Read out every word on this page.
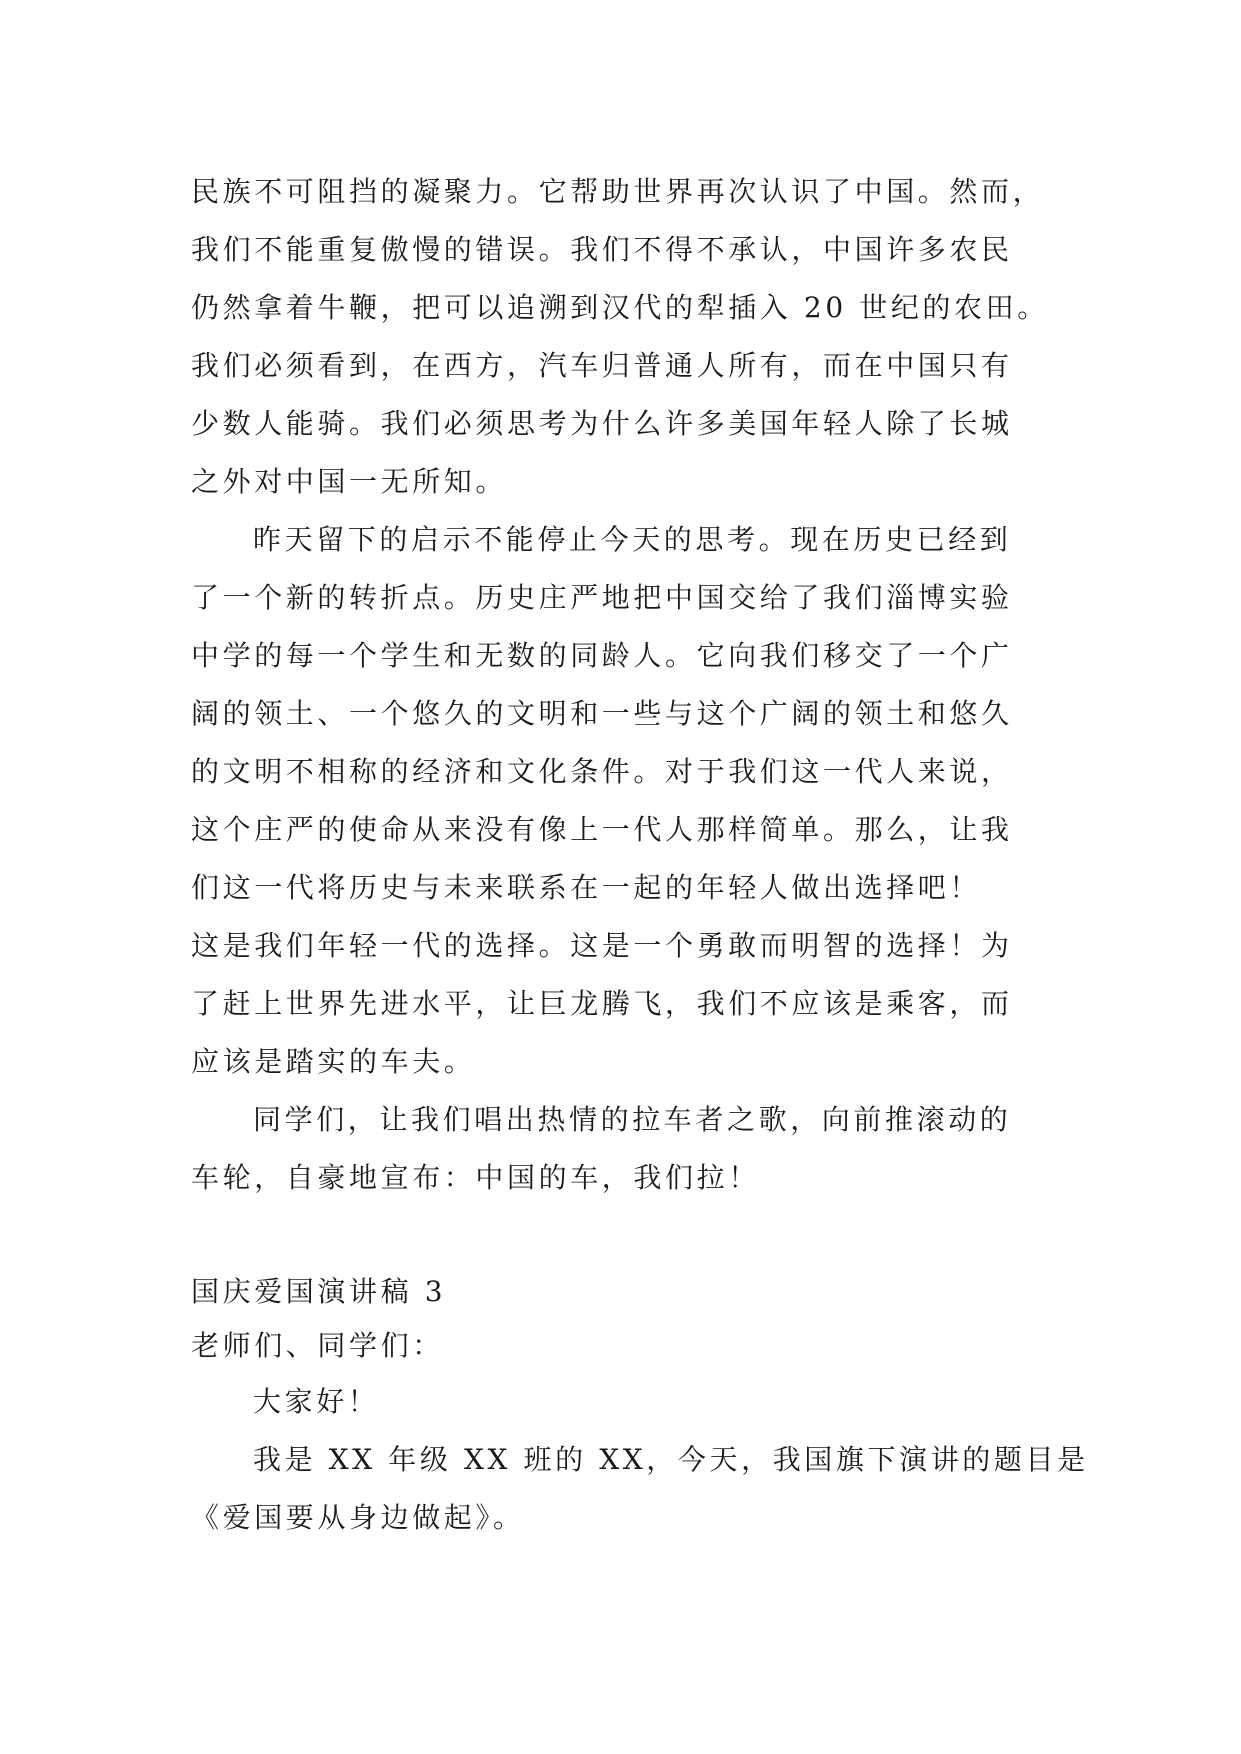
民族不可阻挡的凝聚力。它帮助世界再次认识了中国。然而，
我们不能重复傲慢的错误。我们不得不承认，中国许多农民
仍然拿着牛鞭，把可以追溯到汉代的犁插入 20 世纪的农田。
我们必须看到，在西方，汽车归普通人所有，而在中国只有
少数人能骑。我们必须思考为什么许多美国年轻人除了长城
之外对中国一无所知。
昨天留下的启示不能停止今天的思考。现在历史已经到
了一个新的转折点。历史庄严地把中国交给了我们淄博实验
中学的每一个学生和无数的同龄人。它向我们移交了一个广
阔的领土、一个悠久的文明和一些与这个广阔的领土和悠久
的文明不相称的经济和文化条件。对于我们这一代人来说，
这个庄严的使命从来没有像上一代人那样简单。那么，让我
们这一代将历史与未来联系在一起的年轻人做出选择吧！
这是我们年轻一代的选择。这是一个勇敢而明智的选择！为
了赶上世界先进水平，让巨龙腾飞，我们不应该是乘客，而
应该是踏实的车夫。
同学们，让我们唱出热情的拉车者之歌，向前推滚动的
车轮，自豪地宣布：中国的车，我们拉！
国庆爱国演讲稿 3
老师们、同学们：
大家好！
我是 XX 年级 XX 班的 XX，今天，我国旗下演讲的题目是
《爱国要从身边做起》。
